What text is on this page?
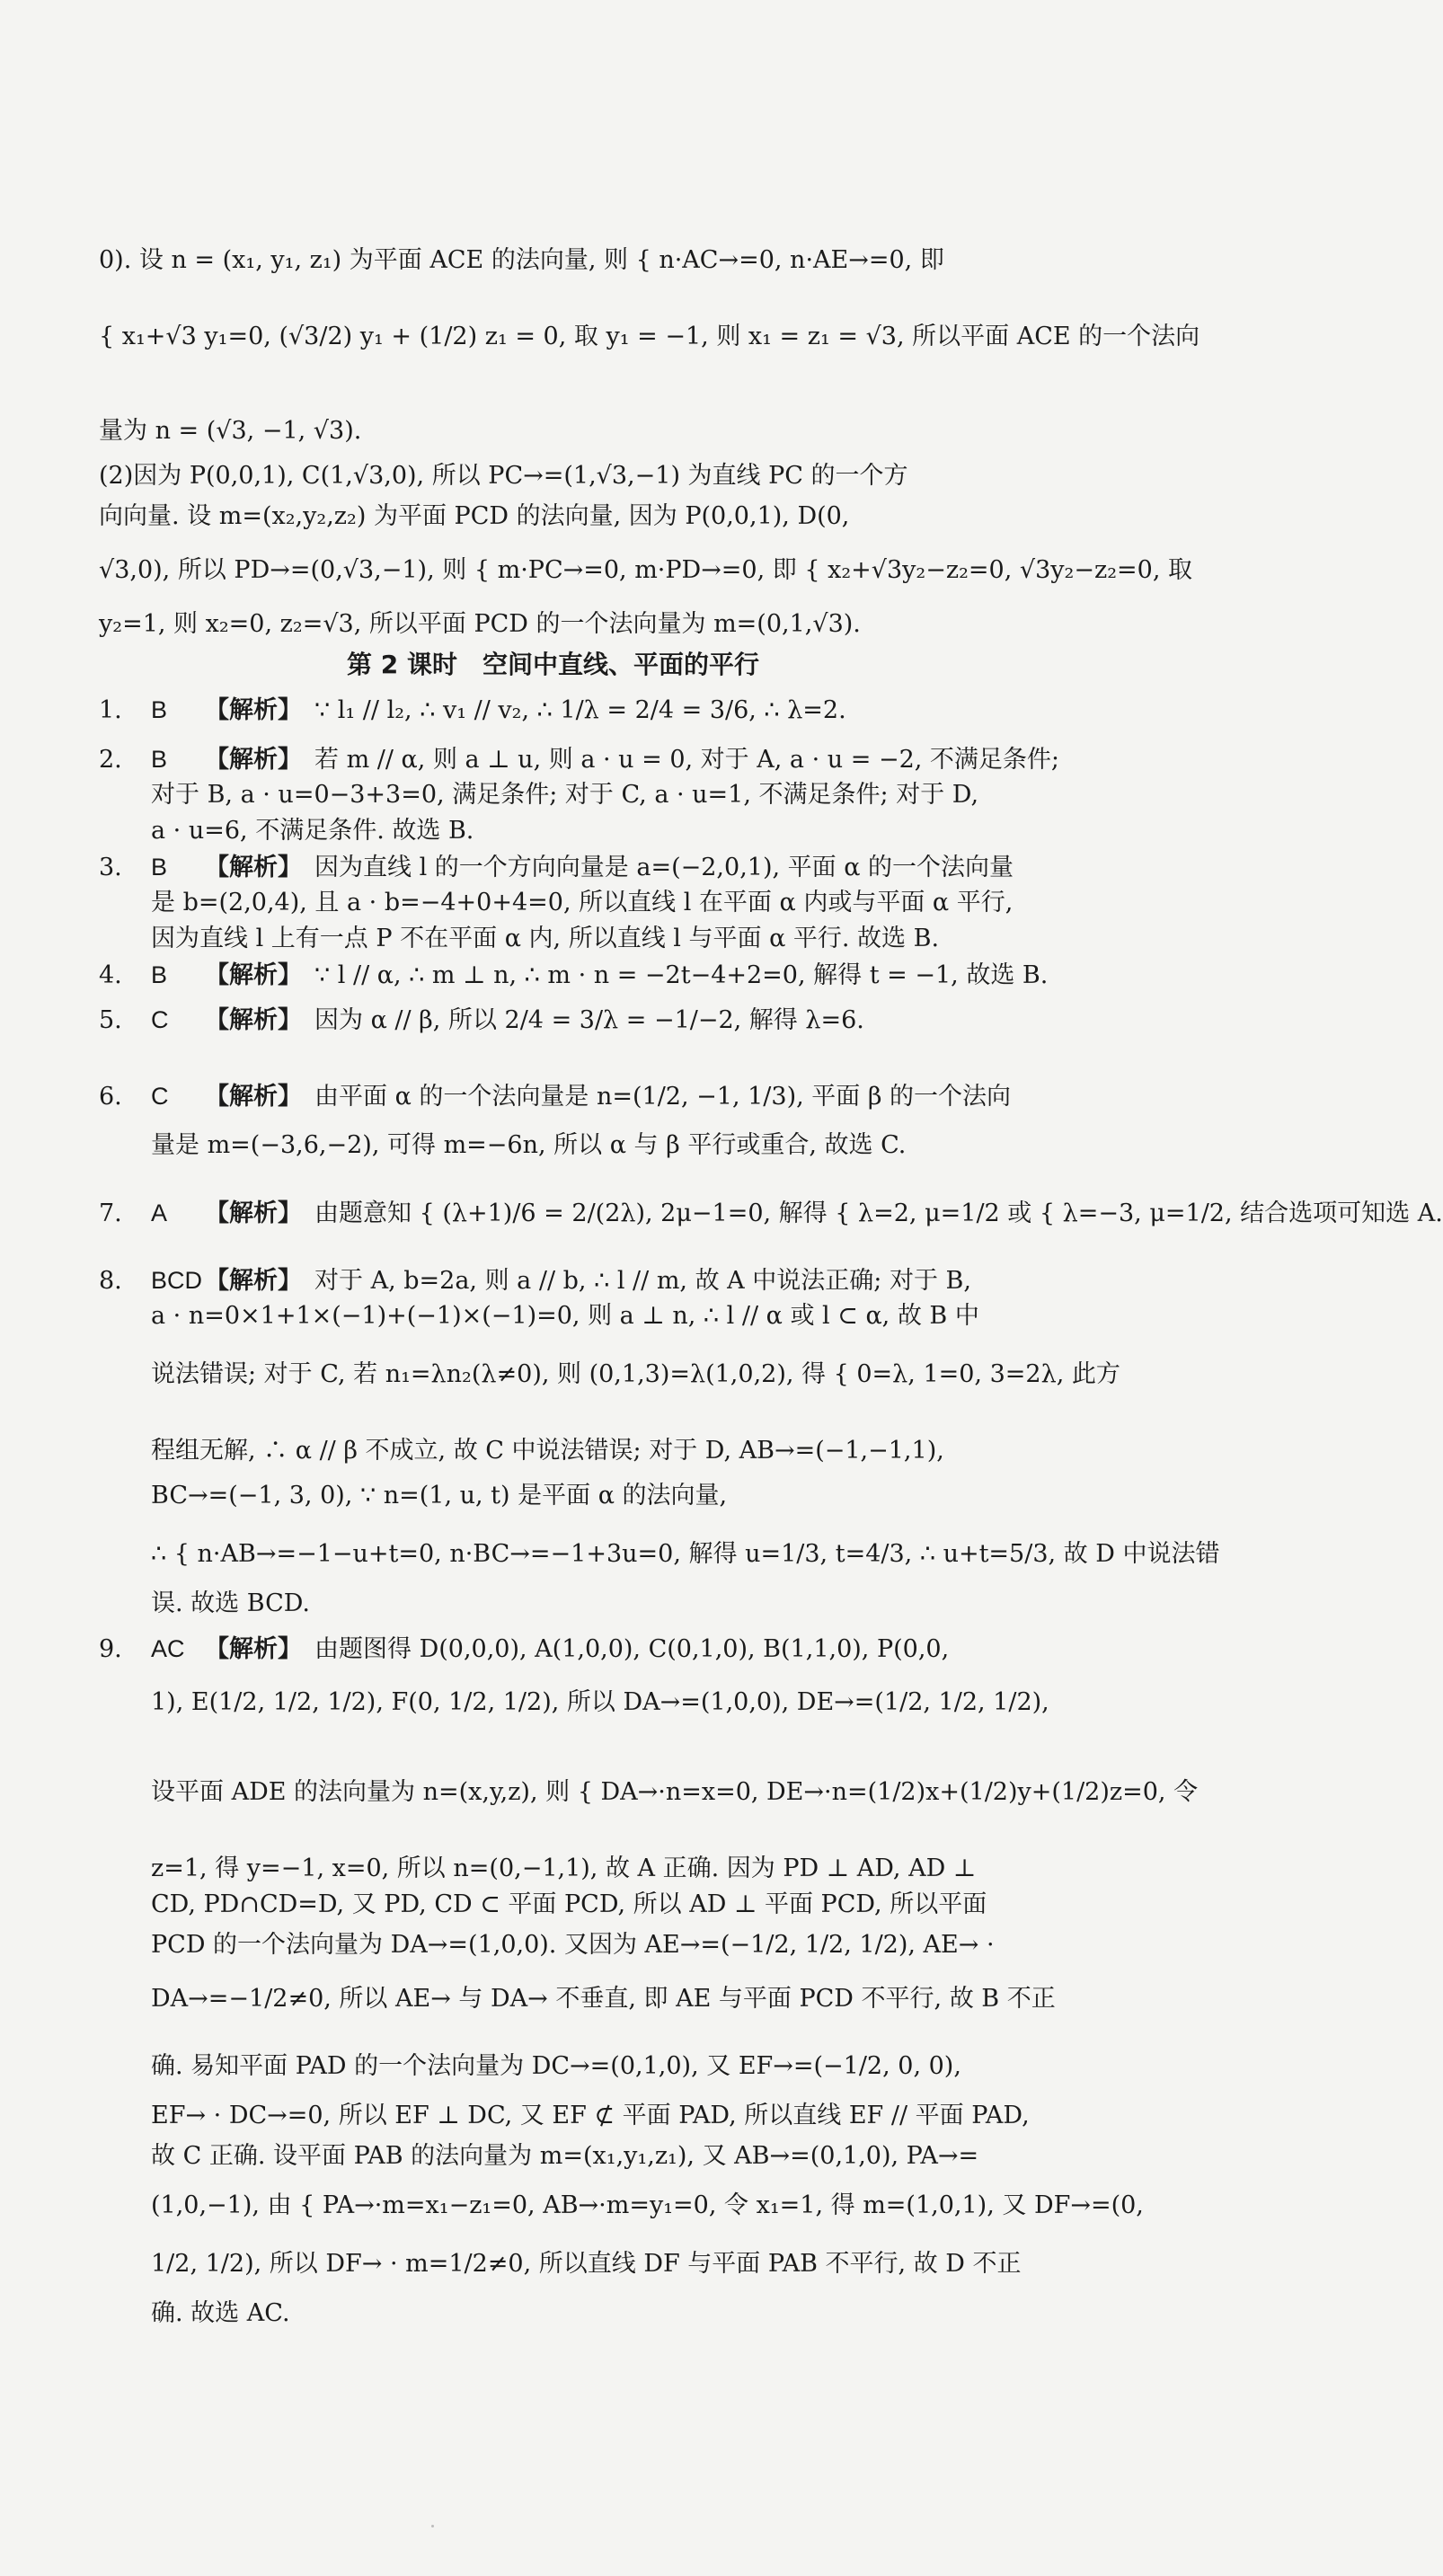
0). 设 n = (x₁, y₁, z₁) 为平面 ACE 的法向量, 则 { n·AC→=0, n·AE→=0, 即
{ x₁+√3 y₁=0, (√3/2) y₁ + (1/2) z₁ = 0, 取 y₁ = −1, 则 x₁ = z₁ = √3, 所以平面 ACE 的一个法向
量为 n = (√3, −1, √3).
(2)因为 P(0,0,1), C(1,√3,0), 所以 PC→=(1,√3,−1) 为直线 PC 的一个方
向向量. 设 m=(x₂,y₂,z₂) 为平面 PCD 的法向量, 因为 P(0,0,1), D(0,
√3,0), 所以 PD→=(0,√3,−1), 则 { m·PC→=0, m·PD→=0, 即 { x₂+√3y₂−z₂=0, √3y₂−z₂=0, 取
y₂=1, 则 x₂=0, z₂=√3, 所以平面 PCD 的一个法向量为 m=(0,1,√3).
第 2 课时　空间中直线、平面的平行
1. B 【解析】 ∵ l₁ // l₂, ∴ v₁ // v₂, ∴ 1/λ = 2/4 = 3/6, ∴ λ=2.
2. B 【解析】 若 m // α, 则 a ⊥ u, 则 a · u = 0, 对于 A, a · u = −2, 不满足条件;
对于 B, a · u=0−3+3=0, 满足条件; 对于 C, a · u=1, 不满足条件; 对于 D,
a · u=6, 不满足条件. 故选 B.
3. B 【解析】 因为直线 l 的一个方向向量是 a=(−2,0,1), 平面 α 的一个法向量
是 b=(2,0,4), 且 a · b=−4+0+4=0, 所以直线 l 在平面 α 内或与平面 α 平行,
因为直线 l 上有一点 P 不在平面 α 内, 所以直线 l 与平面 α 平行. 故选 B.
4. B 【解析】 ∵ l // α, ∴ m ⊥ n, ∴ m · n = −2t−4+2=0, 解得 t = −1, 故选 B.
5. C 【解析】 因为 α // β, 所以 2/4 = 3/λ = −1/−2, 解得 λ=6.
6. C 【解析】 由平面 α 的一个法向量是 n=(1/2, −1, 1/3), 平面 β 的一个法向
量是 m=(−3,6,−2), 可得 m=−6n, 所以 α 与 β 平行或重合, 故选 C.
7. A 【解析】 由题意知 { (λ+1)/6 = 2/(2λ), 2μ−1=0, 解得 { λ=2, μ=1/2 或 { λ=−3, μ=1/2, 结合选项可知选 A.
8. BCD 【解析】 对于 A, b=2a, 则 a // b, ∴ l // m, 故 A 中说法正确; 对于 B,
a · n=0×1+1×(−1)+(−1)×(−1)=0, 则 a ⊥ n, ∴ l // α 或 l ⊂ α, 故 B 中
说法错误; 对于 C, 若 n₁=λn₂(λ≠0), 则 (0,1,3)=λ(1,0,2), 得 { 0=λ, 1=0, 3=2λ, 此方
程组无解, ∴ α // β 不成立, 故 C 中说法错误; 对于 D, AB→=(−1,−1,1),
BC→=(−1, 3, 0), ∵ n=(1, u, t) 是平面 α 的法向量,
∴ { n·AB→=−1−u+t=0, n·BC→=−1+3u=0, 解得 u=1/3, t=4/3, ∴ u+t=5/3, 故 D 中说法错
误. 故选 BCD.
9. AC 【解析】 由题图得 D(0,0,0), A(1,0,0), C(0,1,0), B(1,1,0), P(0,0,
1), E(1/2, 1/2, 1/2), F(0, 1/2, 1/2), 所以 DA→=(1,0,0), DE→=(1/2, 1/2, 1/2),
设平面 ADE 的法向量为 n=(x,y,z), 则 { DA→·n=x=0, DE→·n=(1/2)x+(1/2)y+(1/2)z=0, 令
z=1, 得 y=−1, x=0, 所以 n=(0,−1,1), 故 A 正确. 因为 PD ⊥ AD, AD ⊥
CD, PD∩CD=D, 又 PD, CD ⊂ 平面 PCD, 所以 AD ⊥ 平面 PCD, 所以平面
PCD 的一个法向量为 DA→=(1,0,0). 又因为 AE→=(−1/2, 1/2, 1/2), AE→ ·
DA→=−1/2≠0, 所以 AE→ 与 DA→ 不垂直, 即 AE 与平面 PCD 不平行, 故 B 不正
确. 易知平面 PAD 的一个法向量为 DC→=(0,1,0), 又 EF→=(−1/2, 0, 0),
EF→ · DC→=0, 所以 EF ⊥ DC, 又 EF ⊄ 平面 PAD, 所以直线 EF // 平面 PAD,
故 C 正确. 设平面 PAB 的法向量为 m=(x₁,y₁,z₁), 又 AB→=(0,1,0), PA→=
(1,0,−1), 由 { PA→·m=x₁−z₁=0, AB→·m=y₁=0, 令 x₁=1, 得 m=(1,0,1), 又 DF→=(0,
1/2, 1/2), 所以 DF→ · m=1/2≠0, 所以直线 DF 与平面 PAB 不平行, 故 D 不正
确. 故选 AC.
